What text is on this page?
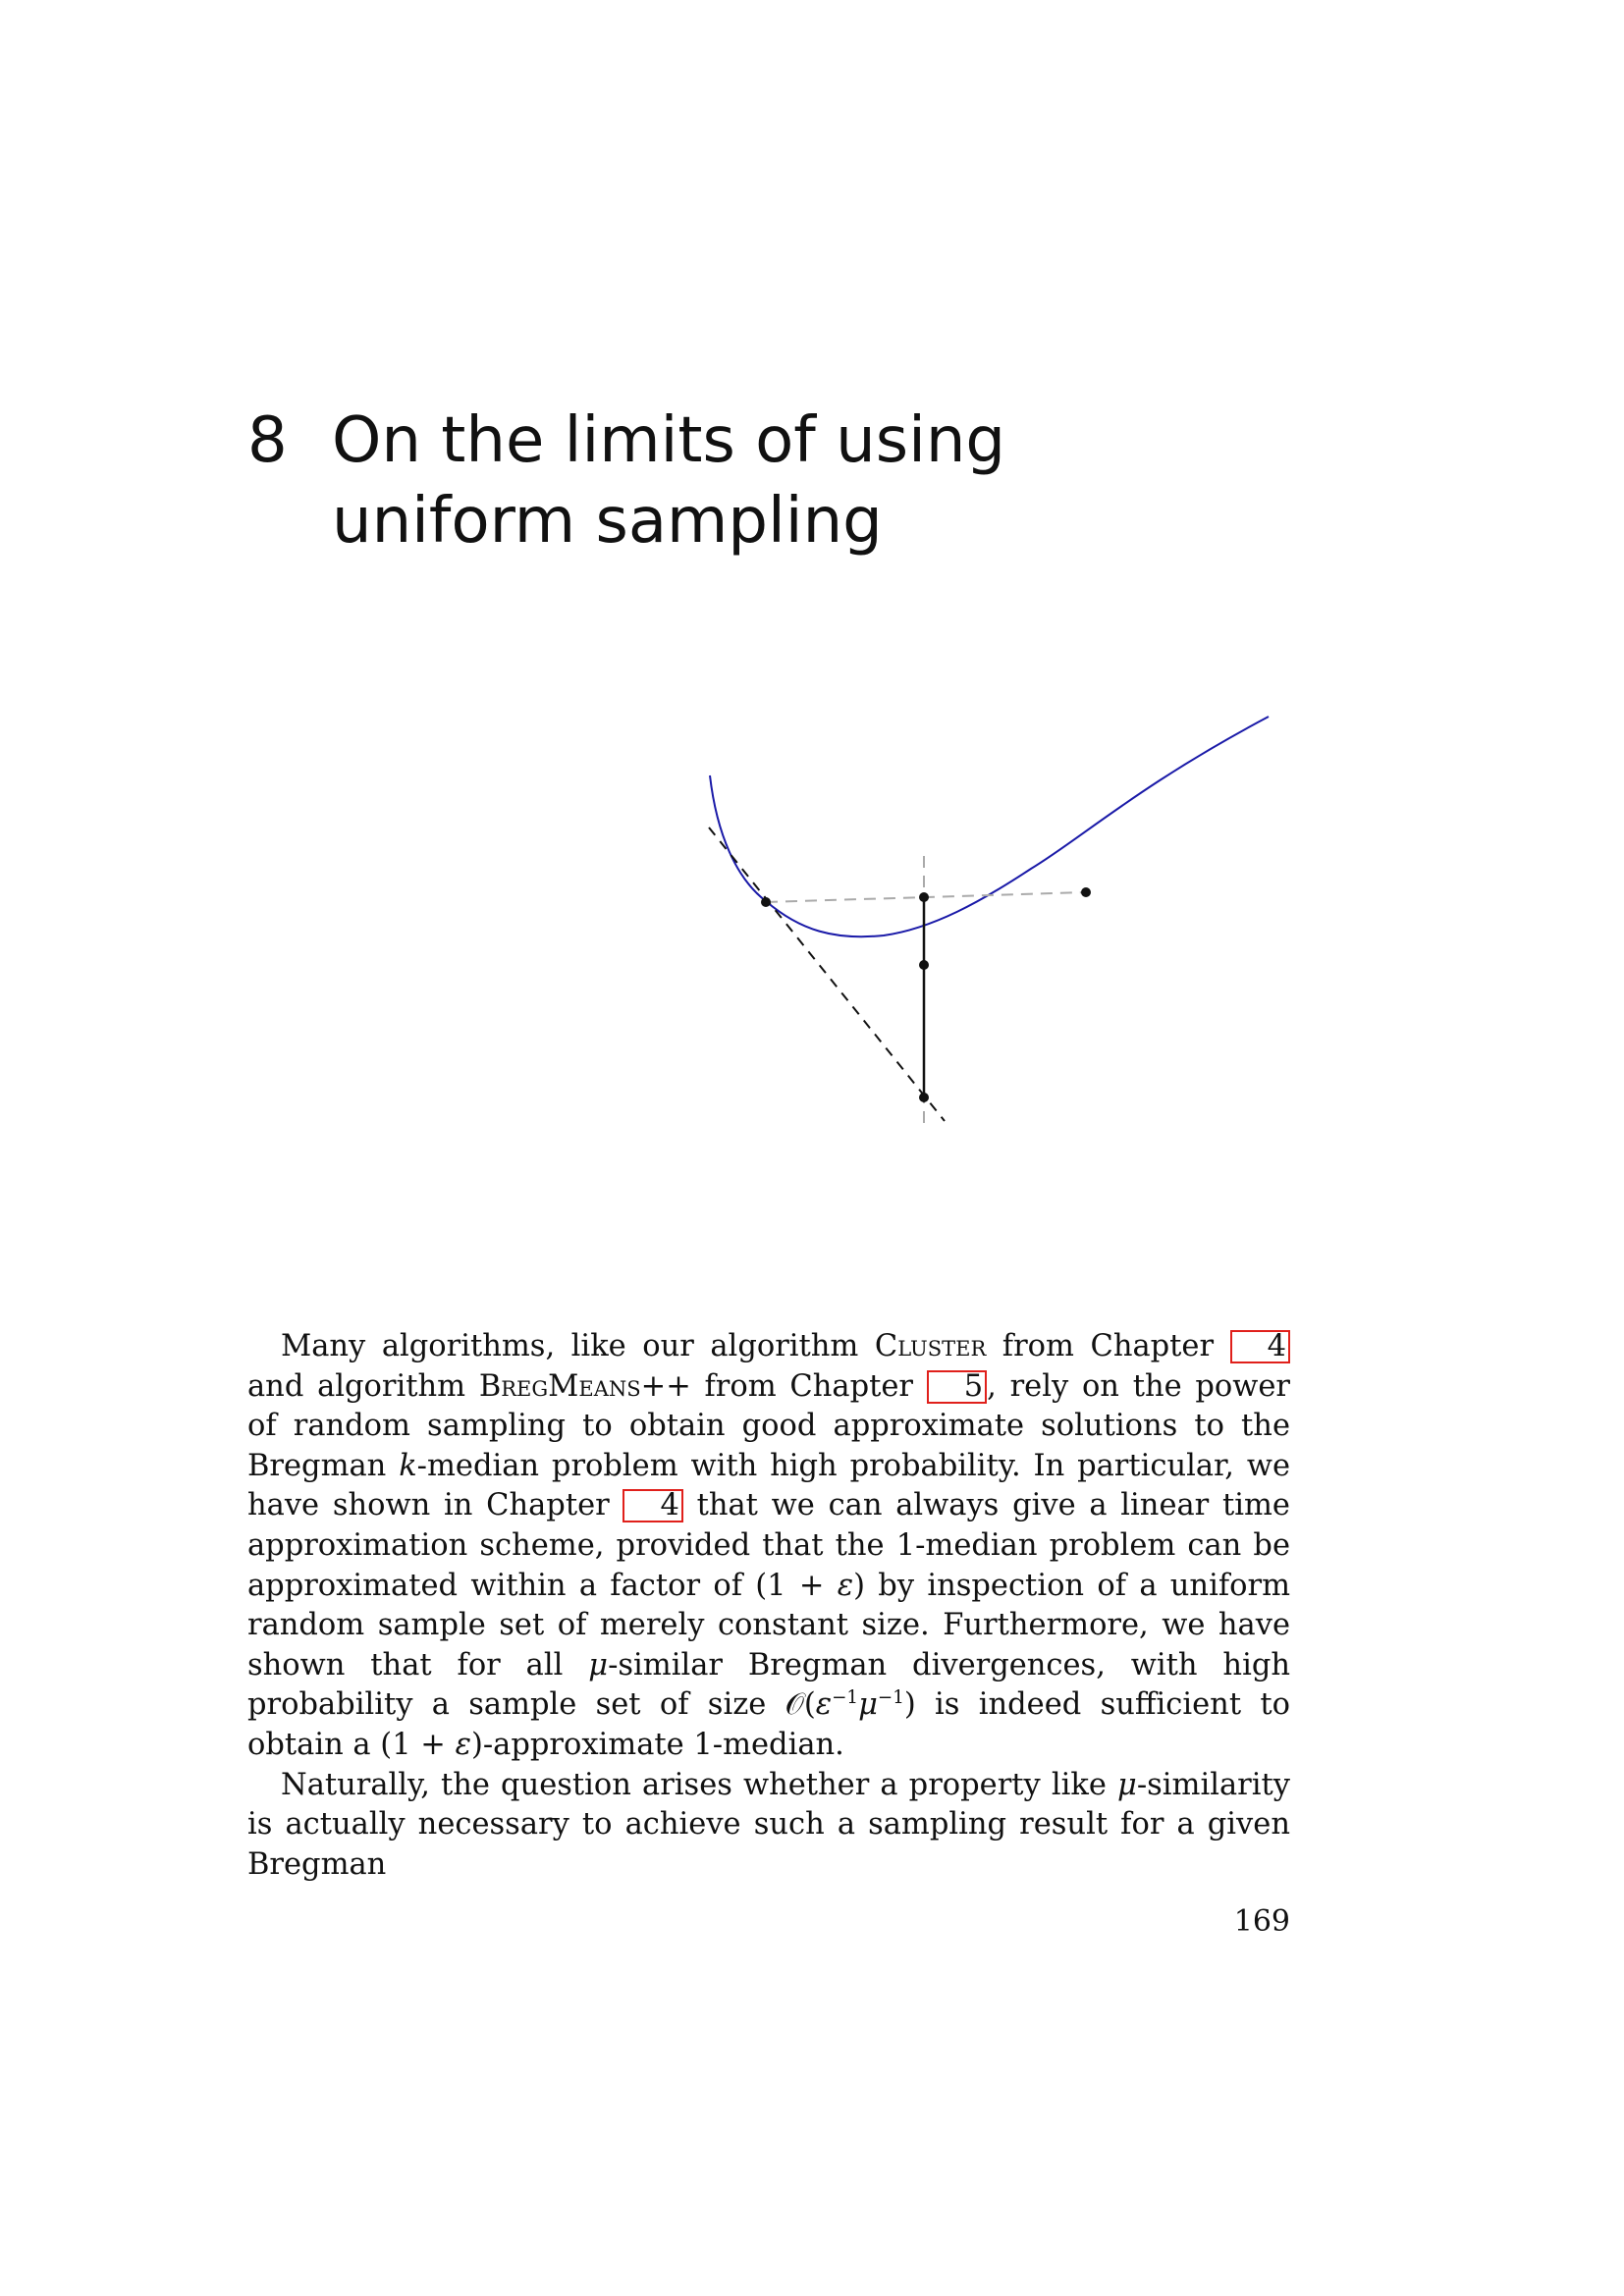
8 On the limits of using uniform sampling

Many algorithms, like our algorithm Cluster from Chapter 4 and algorithm BregMeans++ from Chapter 5 , rely on the power of random sampling to obtain good approximate solutions to the Bregman k-median problem with high probability. In particular, we have shown in Chapter 4 that we can always give a linear time approximation scheme, provided that the 1-median problem can be approximated within a factor of (1 + ε) by inspection of a uniform random sample set of merely constant size. Furthermore, we have shown that for all μ-similar Bregman divergences, with high probability a sample set of size $𝒪(\varepsilon^{-1}\mu^{-1})$ is indeed sufficient to obtain a (1 + ε)-approximate 1-median.

Naturally, the question arises whether a property like μ-similarity is actually necessary to achieve such a sampling result for a given Bregman

169
